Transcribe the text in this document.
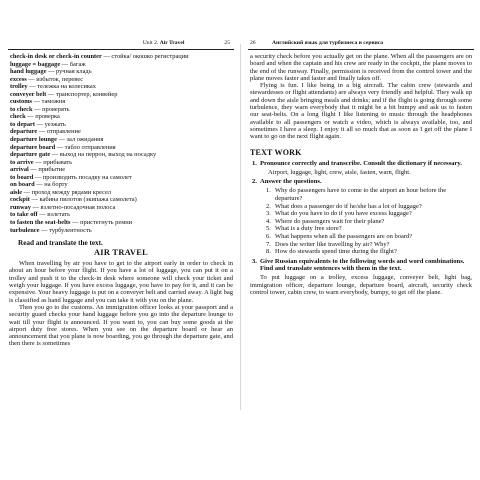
Unit 2. Air Travel	25
check-in desk or check-in counter — стойка/ окошко регистрации
luggage = baggage — багаж
hand luggage — ручная кладь
excess — избыток, перевес
trolley — тележка на колесиках
conveyer belt — транспортер, конвейер
customs — таможня
to check — проверять
check — проверка
to depart — уезжать
departure — отправление
departure lounge — зал ожидания
departure board — табло отправления
departure gate — выход на перрон, выход на посадку
to arrive — прибывать
arrival — прибытие
to board — производить посадку на самолет
on board — на борту
aisle — проход между рядами кресел
cockpit — кабина пилотов (экипажа самолета)
runway — взлетно-посадочная полоса
to take off — взлетать
to fasten the seat-belts — пристегнуть ремни
turbulence — турбулентность
Read and translate the text.
AIR TRAVEL

When travelling by air you have to get to the airport early in order to check in about an hour before your flight. If you have a lot of luggage, you can put it on a trolley and push it to the check-in desk where someone will check your ticket and weigh your luggage. If you have excess luggage, you have to pay for it, and it can be expensive. Your heavy luggage is put on a conveyer belt and carried away. A light bag is classified as hand luggage and you can take it with you on the plane.

Then you go to the customs. An immigration officer looks at your passport and a security guard checks your hand luggage before you go into the departure lounge to wait till your flight is announced. If you want to, you can buy some goods at the airport duty free stores. When you see on the departure board or hear an announcement that you plane is now boarding, you go through the departure gate, and then there is sometimes

26	Английский язык для турбизнеса и сервиса

a security check before you actually get on the plane. When all the passengers are on board and when the captain and his crew are ready in the cockpit, the plane moves to the end of the runway. Finally, permission is received from the control tower and the plane moves faster and faster and finally takes off.

Flying is fun. I like being in a big aircraft. The cabin crew (stewards and stewardesses or flight attendants) are always very friendly and helpful. They walk up and down the aisle bringing meals and drinks; and if the flight is going through some turbulence, they warn everybody that it might be a bit bumpy and ask us to fasten our seat-belts. On a long flight I like listening to music through the headphones available to all passengers or watch a video, which is always available, too, and sometimes I have a sleep. I enjoy it all so much that as soon as I get off the plane I want to go on the next flight again.

TEXT WORK
1. Pronounce correctly and transcribe. Consult the dictionary if necessary.
Airport, luggage, light, crew, aisle, fasten, warn, flight.
2. Answer the questions.
1. Why do passengers have to come to the airport an hour before the departure?
2. What does a passenger do if he/she has a lot of luggage?
3. What do you have to do if you have excess luggage?
4. Where do passengers wait for their plane?
5. What is a duty free store?
6. What happens when all the passengers are on board?
7. Does the writer like travelling by air? Why?
8. How do stewards spend time during the flight?
3. Give Russian equivalents to the following words and word combinations. Find and translate sentences with them in the text.

To put luggage on a trolley, excess luggage, conveyer belt, light bag, immigration officer, departure lounge, departure board, aircraft, security check control tower, cabin crew, to warn everybody, bumpy, to get off the plane.
